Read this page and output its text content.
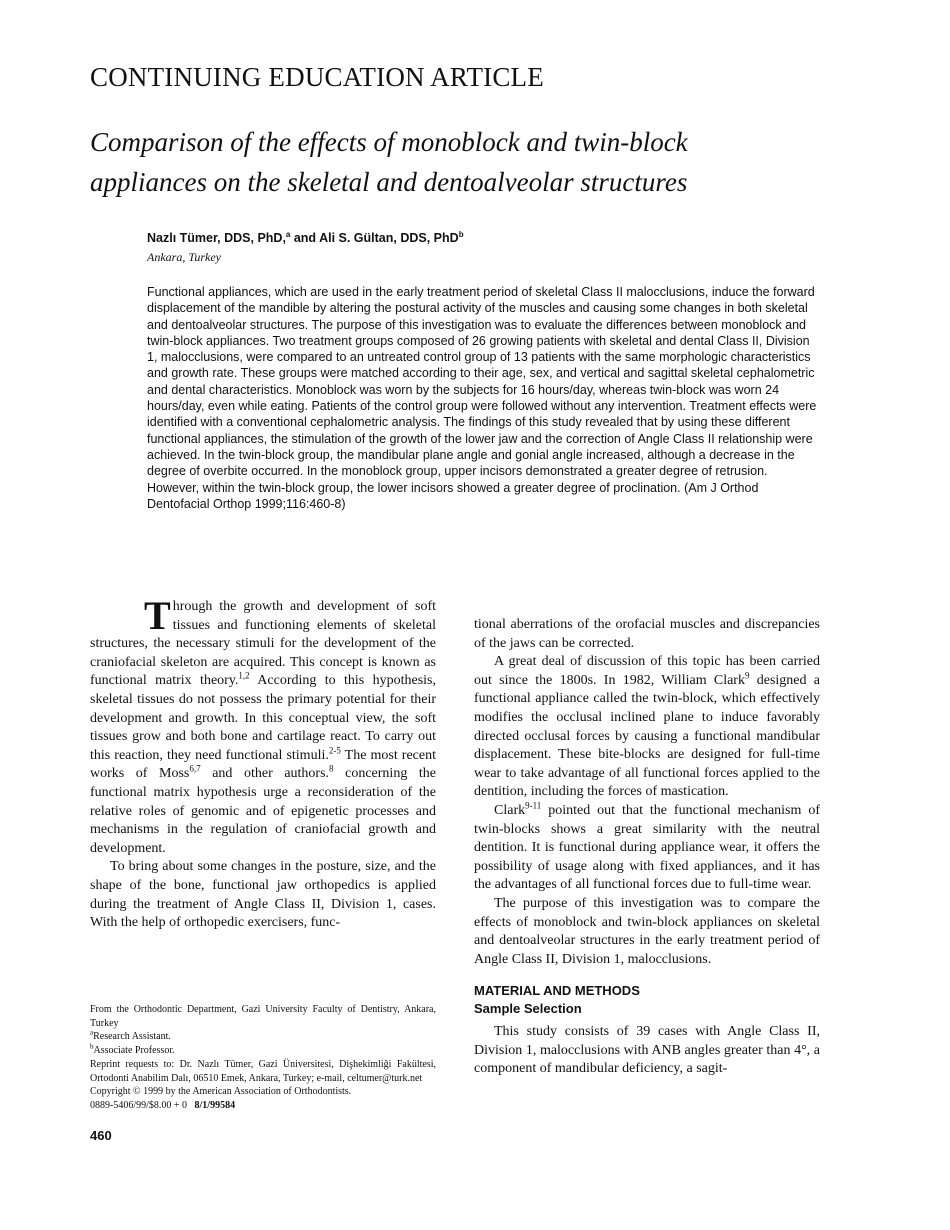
CONTINUING EDUCATION ARTICLE
Comparison of the effects of monoblock and twin-block
appliances on the skeletal and dentoalveolar structures
Nazlı Tümer, DDS, PhD,$^a$ and Ali S. Gültan, DDS, PhD$^b$
Ankara, Turkey

Functional appliances, which are used in the early treatment period of skeletal Class II malocclusions, induce the forward displacement of the mandible by altering the postural activity of the muscles and causing some changes in both skeletal and dentoalveolar structures. The purpose of this investigation was to evaluate the differences between monoblock and twin-block appliances. Two treatment groups composed of 26 growing patients with skeletal and dental Class II, Division 1, malocclusions, were compared to an untreated control group of 13 patients with the same morphologic characteristics and growth rate. These groups were matched according to their age, sex, and vertical and sagittal skeletal cephalometric and dental characteristics. Monoblock was worn by the subjects for 16 hours/day, whereas twin-block was worn 24 hours/day, even while eating. Patients of the control group were followed without any intervention. Treatment effects were identified with a conventional cephalometric analysis. The findings of this study revealed that by using these different functional appliances, the stimulation of the growth of the lower jaw and the correction of Angle Class II relationship were achieved. In the twin-block group, the mandibular plane angle and gonial angle increased, although a decrease in the degree of overbite occurred. In the monoblock group, upper incisors demonstrated a greater degree of retrusion. However, within the twin-block group, the lower incisors showed a greater degree of proclination. (Am J Orthod Dentofacial Orthop 1999;116:460-8)

Through the growth and development of soft tissues and functioning elements of skeletal structures, the necessary stimuli for the development of the craniofacial skeleton are acquired. This concept is known as functional matrix theory.$^{1,2}$ According to this hypothesis, skeletal tissues do not possess the primary potential for their development and growth. In this conceptual view, the soft tissues grow and both bone and cartilage react. To carry out this reaction, they need functional stimuli.$^{2-5}$ The most recent works of Moss$^{6,7}$ and other authors.$^8$ concerning the functional matrix hypothesis urge a reconsideration of the relative roles of genomic and of epigenetic processes and mechanisms in the regulation of craniofacial growth and development.

To bring about some changes in the posture, size, and the shape of the bone, functional jaw orthopedics is applied during the treatment of Angle Class II, Division 1, cases. With the help of orthopedic exercisers, func-

tional aberrations of the orofacial muscles and discrepancies of the jaws can be corrected.

A great deal of discussion of this topic has been carried out since the 1800s. In 1982, William Clark$^9$ designed a functional appliance called the twin-block, which effectively modifies the occlusal inclined plane to induce favorably directed occlusal forces by causing a functional mandibular displacement. These bite-blocks are designed for full-time wear to take advantage of all functional forces applied to the dentition, including the forces of mastication.

Clark$^{9-11}$ pointed out that the functional mechanism of twin-blocks shows a great similarity with the neutral dentition. It is functional during appliance wear, it offers the possibility of usage along with fixed appliances, and it has the advantages of all functional forces due to full-time wear.

The purpose of this investigation was to compare the effects of monoblock and twin-block appliances on skeletal and dentoalveolar structures in the early treatment period of Angle Class II, Division 1, malocclusions.

MATERIAL AND METHODS
Sample Selection

This study consists of 39 cases with Angle Class II, Division 1, malocclusions with ANB angles greater than 4°, a component of mandibular deficiency, a sagit-

From the Orthodontic Department, Gazi University Faculty of Dentistry, Ankara, Turkey
$^a$Research Assistant.
$^b$Associate Professor.
Reprint requests to: Dr. Nazlı Tümer, Gazi Üniversitesi, Dişhekimliği Fakültesi, Ortodonti Anabilim Dalı, 06510 Emek, Ankara, Turkey; e-mail, celtumer@turk.net
Copyright © 1999 by the American Association of Orthodontists.
0889-5406/99/$8.00 + 0 8/1/99584
460
